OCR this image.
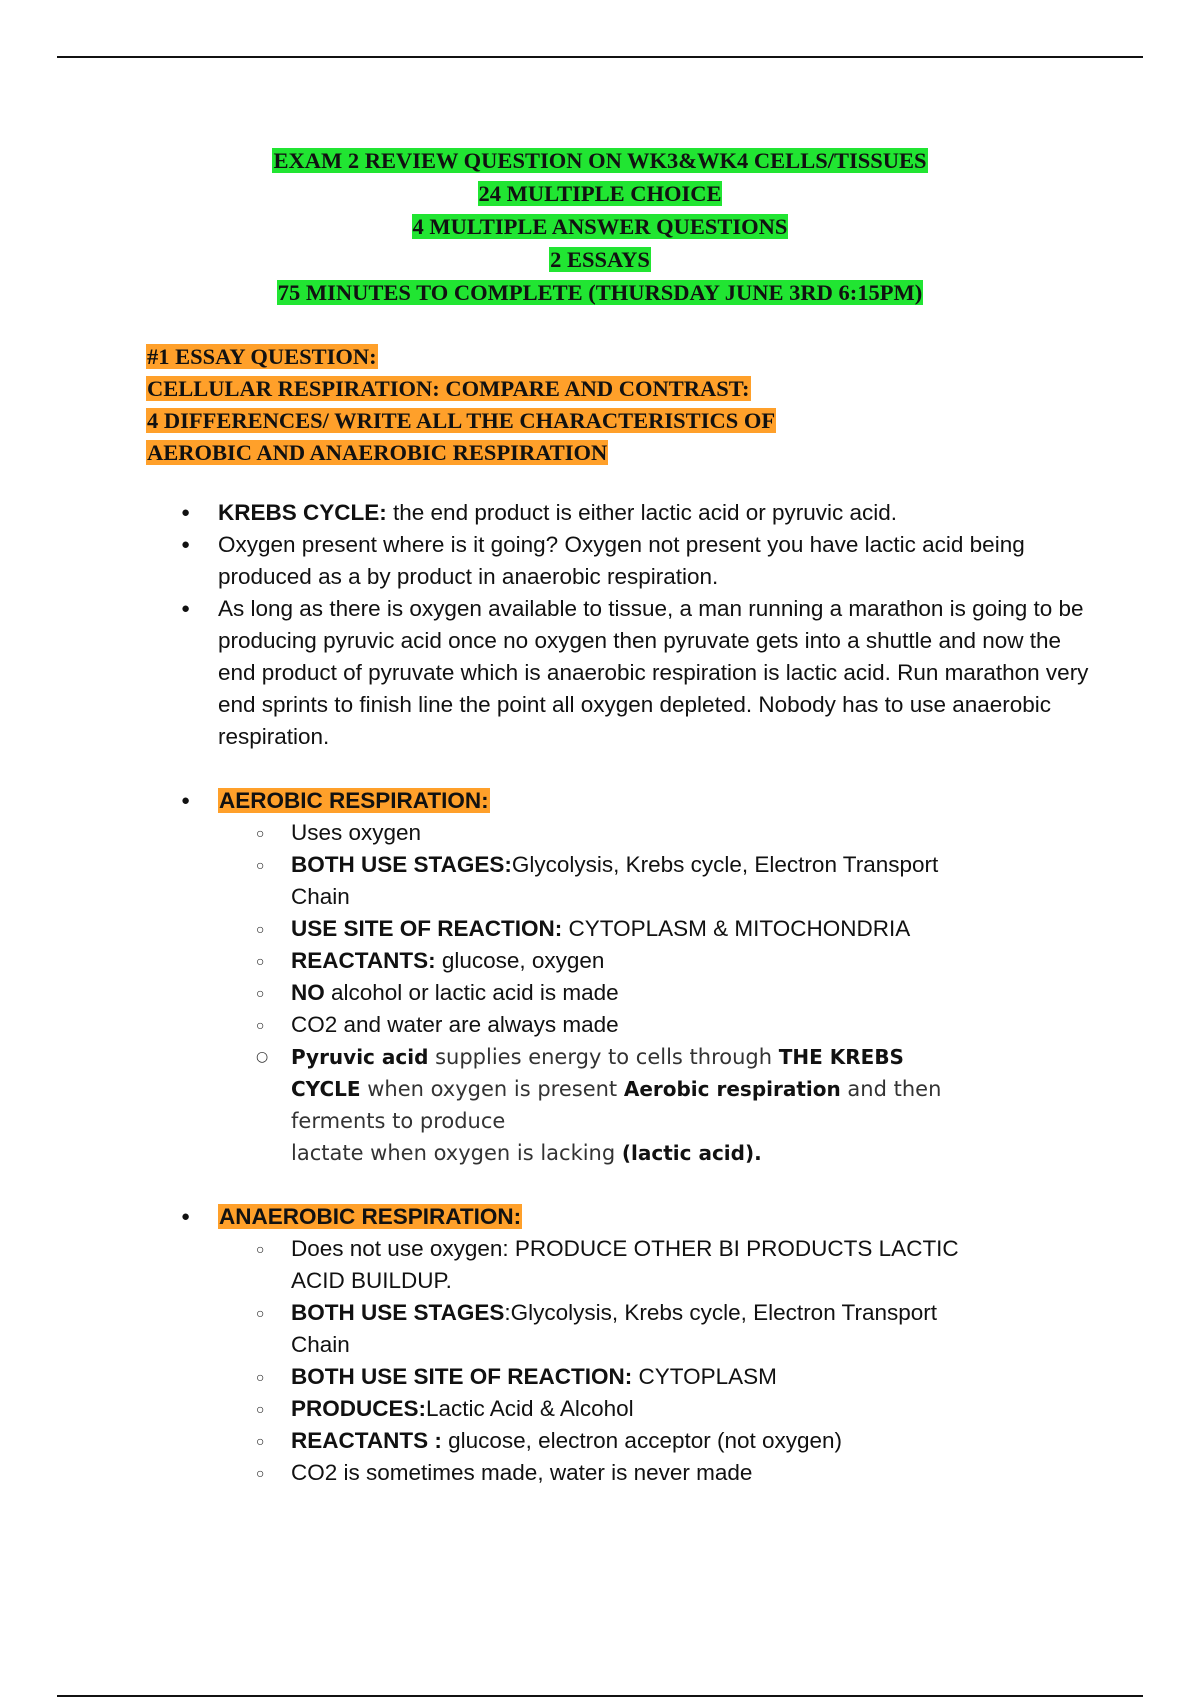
EXAM 2 REVIEW QUESTION ON WK3&WK4 CELLS/TISSUES
24 MULTIPLE CHOICE
4 MULTIPLE ANSWER QUESTIONS
2 ESSAYS
75 MINUTES TO COMPLETE (THURSDAY JUNE 3RD 6:15PM)
#1 ESSAY QUESTION:
CELLULAR RESPIRATION: COMPARE AND CONTRAST:
4 DIFFERENCES/ WRITE ALL THE CHARACTERISTICS OF
AEROBIC AND ANAEROBIC RESPIRATION
● KREBS CYCLE: the end product is either lactic acid or pyruvic acid.
● Oxygen present where is it going? Oxygen not present you have lactic acid being produced as a by product in anaerobic respiration.
● As long as there is oxygen available to tissue, a man running a marathon is going to be producing pyruvic acid once no oxygen then pyruvate gets into a shuttle and now the end product of pyruvate which is anaerobic respiration is lactic acid. Run marathon very end sprints to finish line the point all oxygen depleted. Nobody has to use anaerobic respiration.
● AEROBIC RESPIRATION:
○ Uses oxygen
○ BOTH USE STAGES:Glycolysis, Krebs cycle, Electron Transport Chain
○ USE SITE OF REACTION: CYTOPLASM & MITOCHONDRIA
○ REACTANTS: glucose, oxygen
○ NO alcohol or lactic acid is made
○ CO2 and water are always made
○ Pyruvic acid supplies energy to cells through THE KREBS CYCLE when oxygen is present Aerobic respiration and then ferments to produce
lactate when oxygen is lacking (lactic acid).
● ANAEROBIC RESPIRATION:
○ Does not use oxygen: PRODUCE OTHER BI PRODUCTS LACTIC ACID BUILDUP.
○ BOTH USE STAGES:Glycolysis, Krebs cycle, Electron Transport Chain
○ BOTH USE SITE OF REACTION: CYTOPLASM
○ PRODUCES:Lactic Acid & Alcohol
○ REACTANTS : glucose, electron acceptor (not oxygen)
○ CO2 is sometimes made, water is never made
